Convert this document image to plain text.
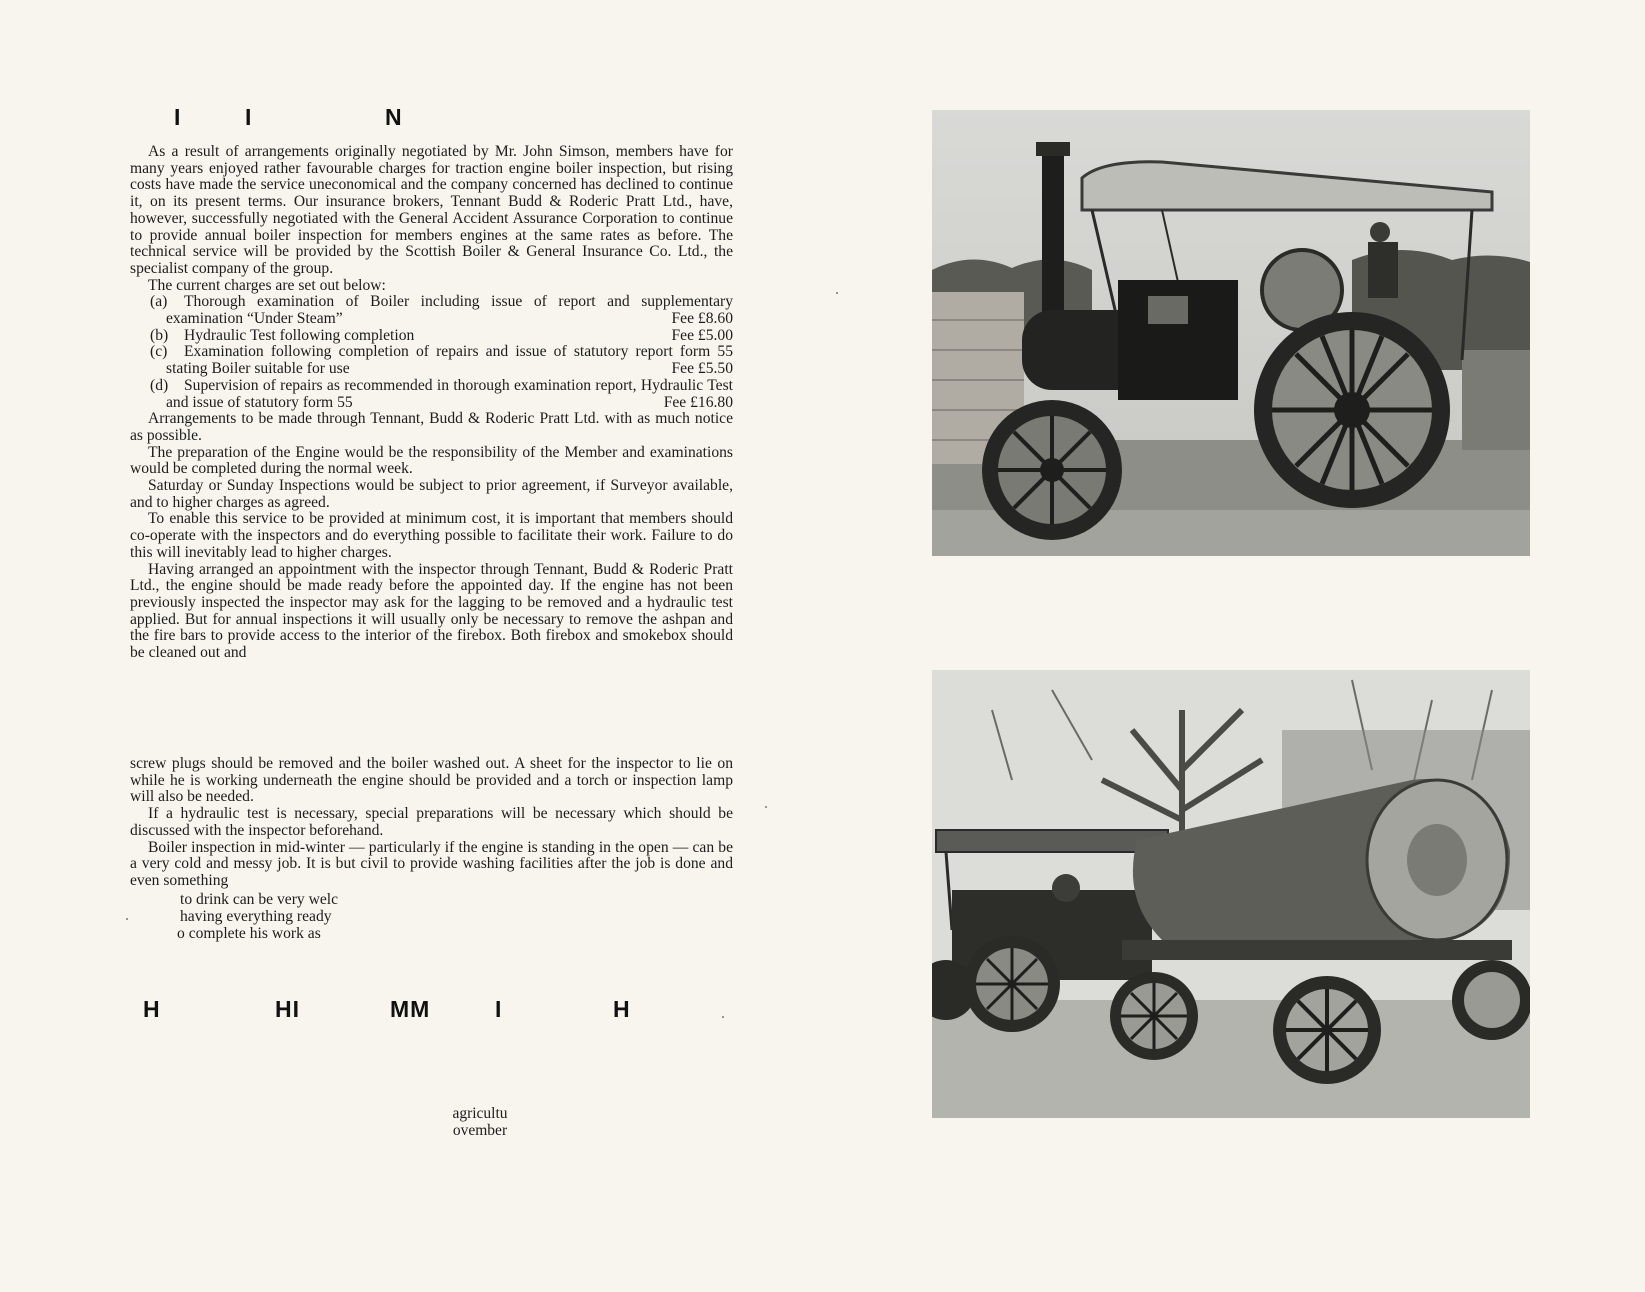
I	I	N

As a result of arrangements originally negotiated by Mr. John Simson, members have for many years enjoyed rather favourable charges for traction engine boiler inspection, but rising costs have made the service uneconomical and the company concerned has declined to continue it, on its present terms. Our insurance brokers, Tennant Budd & Roderic Pratt Ltd., have, however, successfully negotiated with the General Accident Assurance Corporation to continue to provide annual boiler inspection for members engines at the same rates as before. The technical service will be provided by the Scottish Boiler & General Insurance Co. Ltd., the specialist company of the group.

The current charges are set out below:

(a) Thorough examination of Boiler including issue of report and supplementary examination “Under Steam”	Fee £8.60

(b) Hydraulic Test following completion	Fee £5.00

(c) Examination following completion of repairs and issue of statutory report form 55 stating Boiler suitable for use	Fee £5.50

(d) Supervision of repairs as recommended in thorough examination report, Hydraulic Test and issue of statutory form 55	Fee £16.80

Arrangements to be made through Tennant, Budd & Roderic Pratt Ltd. with as much notice as possible.

The preparation of the Engine would be the responsibility of the Member and examinations would be completed during the normal week.

Saturday or Sunday Inspections would be subject to prior agreement, if Surveyor available, and to higher charges as agreed.

To enable this service to be provided at minimum cost, it is important that members should co-operate with the inspectors and do everything possible to facilitate their work. Failure to do this will inevitably lead to higher charges.

Having arranged an appointment with the inspector through Tennant, Budd & Roderic Pratt Ltd., the engine should be made ready before the appointed day. If the engine has not been previously inspected the inspector may ask for the lagging to be removed and a hydraulic test applied. But for annual inspections it will usually only be necessary to remove the ashpan and the fire bars to provide access to the interior of the firebox. Both firebox and smokebox should be cleaned out and

screw plugs should be removed and the boiler washed out. A sheet for the inspector to lie on while he is working underneath the engine should be provided and a torch or inspection lamp will also be needed.

If a hydraulic test is necessary, special preparations will be necessary which should be discussed with the inspector beforehand.

Boiler inspection in mid-winter — particularly if the engine is standing in the open — can be a very cold and messy job. It is but civil to provide washing facilities after the job is done and even something

to drink can be very welc
having everything ready
o complete his work as
H	HI	MM	I	H
agricultu
ovember
